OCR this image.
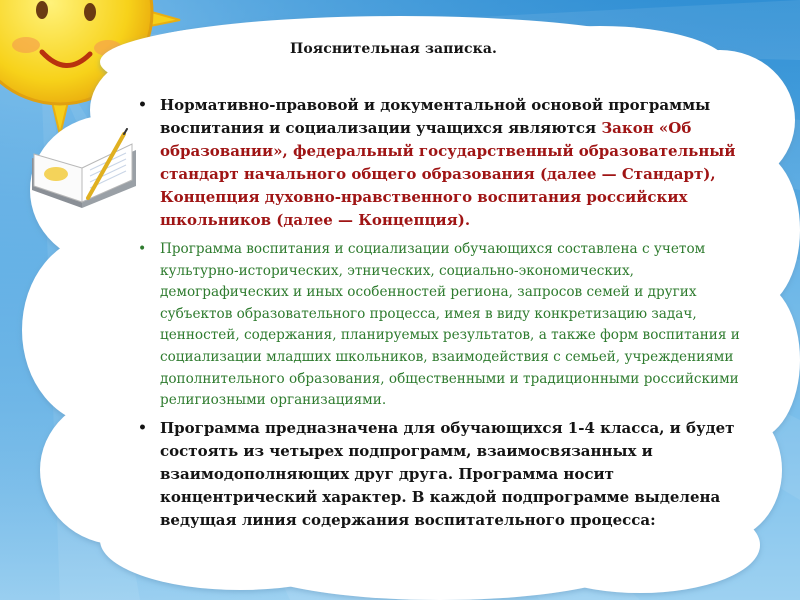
Пояснительная записка.
• Нормативно-правовой и документальной основой программы воспитания и социализации учащихся являются Закон «Об образовании», федеральный государственный образовательный стандарт начального общего образования (далее — Стандарт), Концепция духовно-нравственного воспитания российских школьников (далее — Концепция).
• Программа воспитания и социализации обучающихся составлена с учетом культурно-исторических, этнических, социально-экономических, демографических и иных особенностей региона, запросов семей и других субъектов образовательного процесса, имея в виду конкретизацию задач, ценностей, содержания, планируемых результатов, а также форм воспитания и социализации младших школьников, взаимодействия с семьей, учреждениями дополнительного образования, общественными и традиционными российскими религиозными организациями.
• Программа предназначена для обучающихся 1-4 класса, и будет состоять из четырех подпрограмм, взаимосвязанных и взаимодополняющих друг друга. Программа носит концентрический характер. В каждой подпрограмме выделена ведущая линия содержания воспитательного процесса:
